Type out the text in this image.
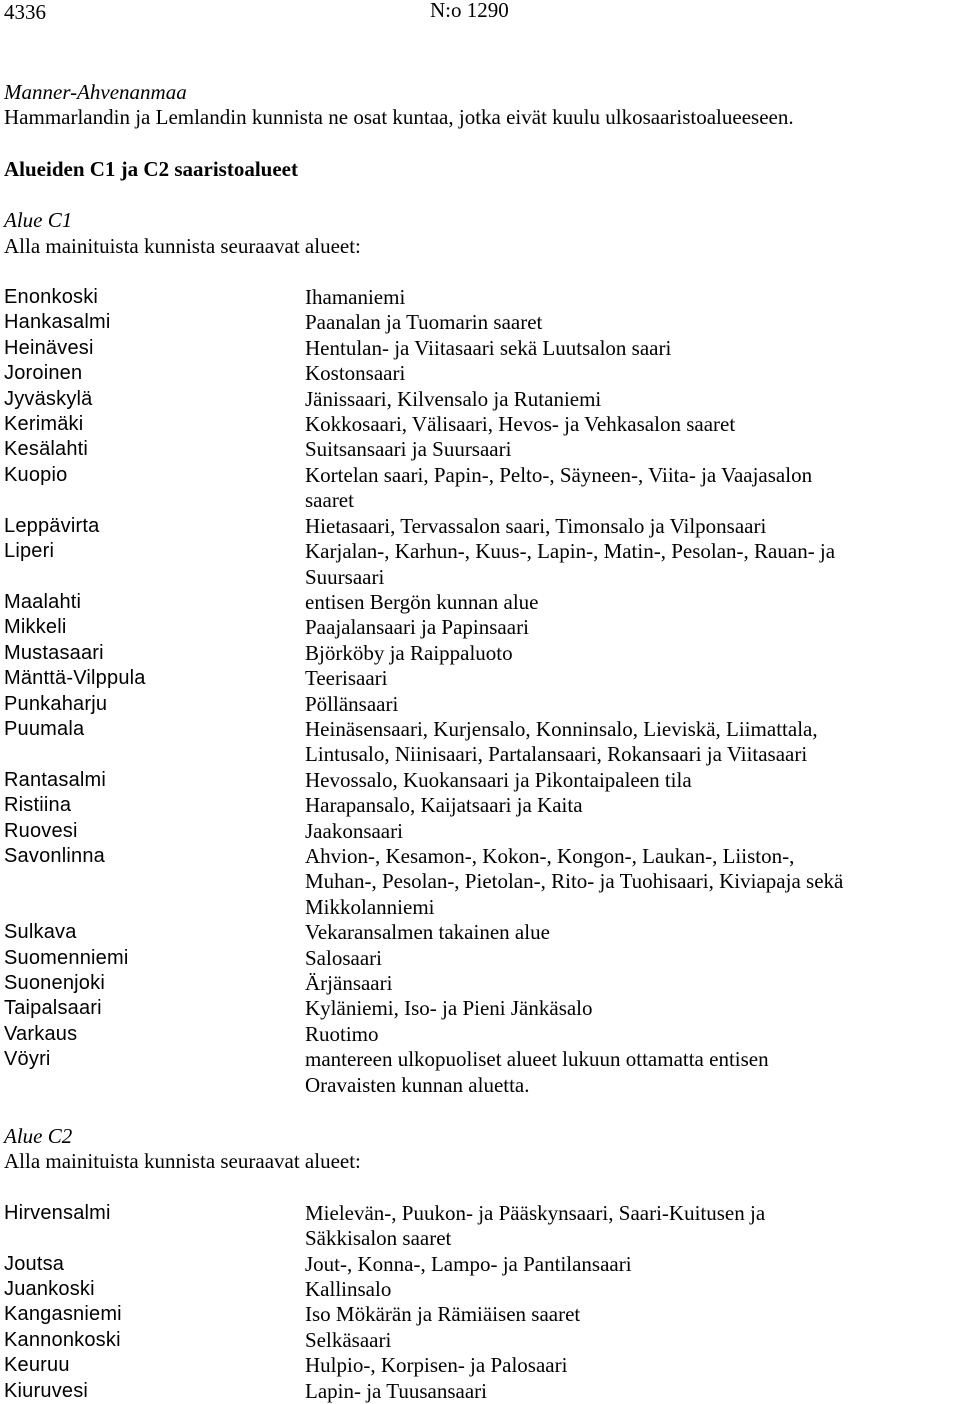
4336	N:o 1290
Manner-Ahvenanmaa
Hammarlandin ja Lemlandin kunnista ne osat kuntaa, jotka eivät kuulu ulkosaaristoalueeseen.
Alueiden C1 ja C2 saaristoalueet
Alue C1
Alla mainituista kunnista seuraavat alueet:
Enonkoski	Ihamaniemi
Hankasalmi	Paanalan ja Tuomarin saaret
Heinävesi	Hentulan- ja Viitasaari sekä Luutsalon saari
Joroinen	Kostonsaari
Jyväskylä	Jänissaari, Kilvensalo ja Rutaniemi
Kerimäki	Kokkosaari, Välisaari, Hevos- ja Vehkasalon saaret
Kesälahti	Suitsansaari ja Suursaari
Kuopio	Kortelan saari, Papin-, Pelto-, Säyneen-, Viita- ja Vaajasalon
saaret
Leppävirta	Hietasaari, Tervassalon saari, Timonsalo ja Vilponsaari
Liperi	Karjalan-, Karhun-, Kuus-, Lapin-, Matin-, Pesolan-, Rauan- ja
Suursaari
Maalahti	entisen Bergön kunnan alue
Mikkeli	Paajalansaari ja Papinsaari
Mustasaari	Björköby ja Raippaluoto
Mänttä-Vilppula	Teerisaari
Punkaharju	Pöllänsaari
Puumala	Heinäsensaari, Kurjensalo, Konninsalo, Lieviskä, Liimattala,
Lintusalo, Niinisaari, Partalansaari, Rokansaari ja Viitasaari
Rantasalmi	Hevossalo, Kuokansaari ja Pikontaipaleen tila
Ristiina	Harapansalo, Kaijatsaari ja Kaita
Ruovesi	Jaakonsaari
Savonlinna	Ahvion-, Kesamon-, Kokon-, Kongon-, Laukan-, Liiston-,
Muhan-, Pesolan-, Pietolan-, Rito- ja Tuohisaari, Kiviapaja sekä
Mikkolanniemi
Sulkava	Vekaransalmen takainen alue
Suomenniemi	Salosaari
Suonenjoki	Ärjänsaari
Taipalsaari	Kyläniemi, Iso- ja Pieni Jänkäsalo
Varkaus	Ruotimo
Vöyri	mantereen ulkopuoliset alueet lukuun ottamatta entisen
Oravaisten kunnan aluetta.
Alue C2
Alla mainituista kunnista seuraavat alueet:
Hirvensalmi	Mielevän-, Puukon- ja Pääskynsaari, Saari-Kuitusen ja
Säkkisalon saaret
Joutsa	Jout-, Konna-, Lampo- ja Pantilansaari
Juankoski	Kallinsalo
Kangasniemi	Iso Mökärän ja Rämiäisen saaret
Kannonkoski	Selkäsaari
Keuruu	Hulpio-, Korpisen- ja Palosaari
Kiuruvesi	Lapin- ja Tuusansaari
